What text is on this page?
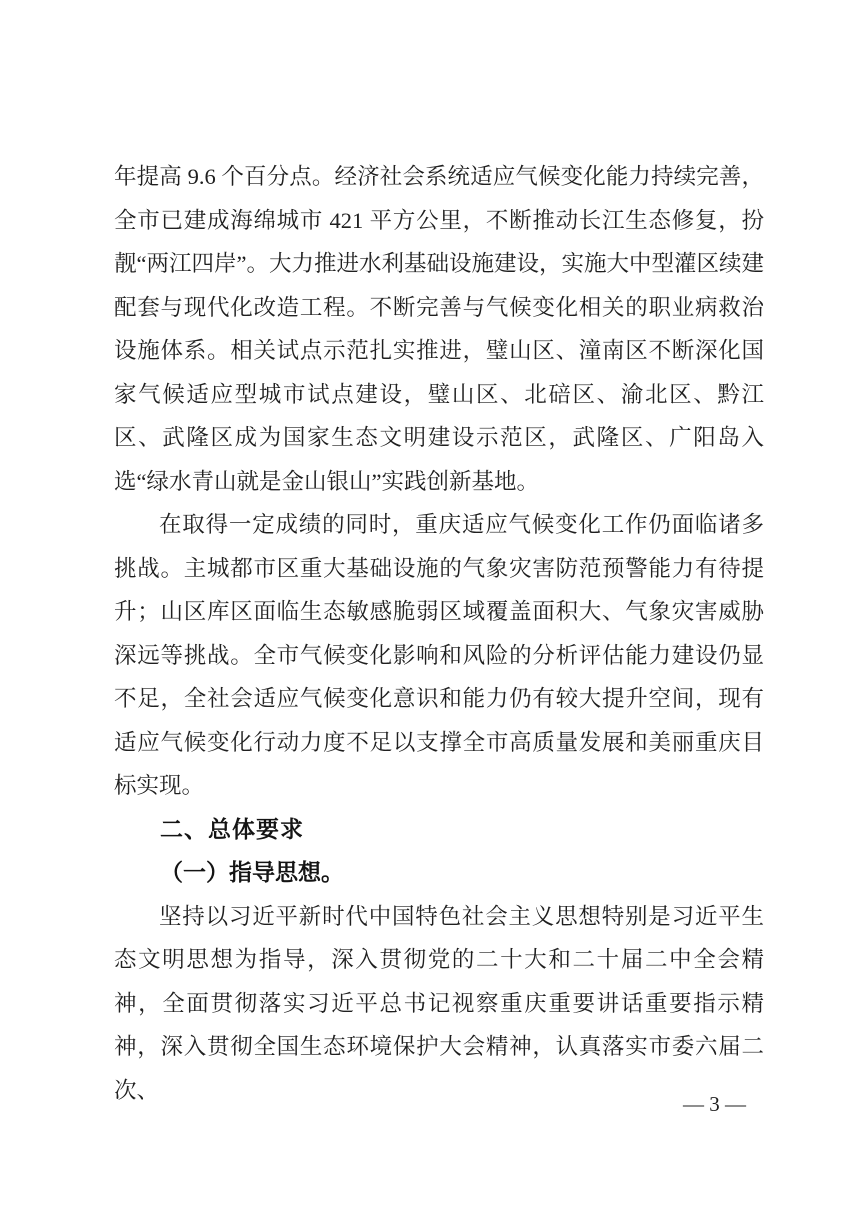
年提高 9.6 个百分点。经济社会系统适应气候变化能力持续完善，全市已建成海绵城市 421 平方公里，不断推动长江生态修复，扮靓“两江四岸”。大力推进水利基础设施建设，实施大中型灌区续建配套与现代化改造工程。不断完善与气候变化相关的职业病救治设施体系。相关试点示范扎实推进，璧山区、潼南区不断深化国家气候适应型城市试点建设，璧山区、北碚区、渝北区、黔江区、武隆区成为国家生态文明建设示范区，武隆区、广阳岛入选“绿水青山就是金山银山”实践创新基地。

在取得一定成绩的同时，重庆适应气候变化工作仍面临诸多挑战。主城都市区重大基础设施的气象灾害防范预警能力有待提升；山区库区面临生态敏感脆弱区域覆盖面积大、气象灾害威胁深远等挑战。全市气候变化影响和风险的分析评估能力建设仍显不足，全社会适应气候变化意识和能力仍有较大提升空间，现有适应气候变化行动力度不足以支撑全市高质量发展和美丽重庆目标实现。

二、总体要求

（一）指导思想。

坚持以习近平新时代中国特色社会主义思想特别是习近平生态文明思想为指导，深入贯彻党的二十大和二十届二中全会精神，全面贯彻落实习近平总书记视察重庆重要讲话重要指示精神，深入贯彻全国生态环境保护大会精神，认真落实市委六届二次、

— 3 —
